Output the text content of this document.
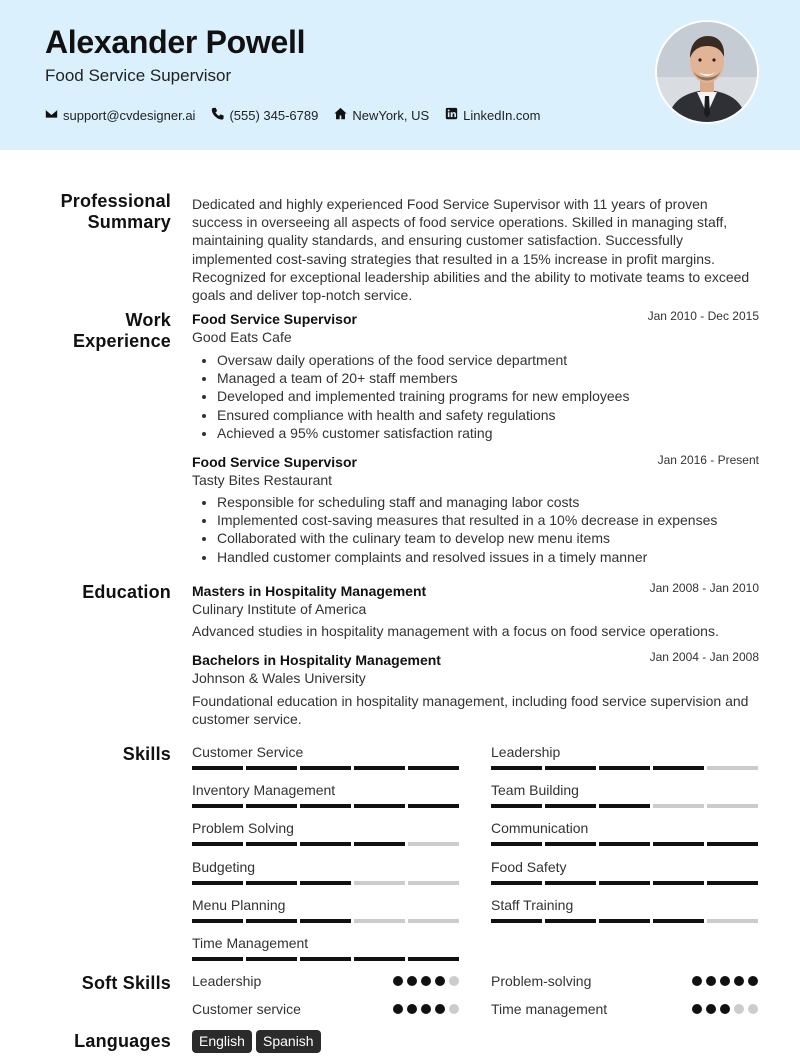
Alexander Powell
Food Service Supervisor
support@cvdesigner.ai	(555) 345-6789	NewYork, US	LinkedIn.com
Professional Summary
Dedicated and highly experienced Food Service Supervisor with 11 years of proven success in overseeing all aspects of food service operations. Skilled in managing staff, maintaining quality standards, and ensuring customer satisfaction. Successfully implemented cost-saving strategies that resulted in a 15% increase in profit margins. Recognized for exceptional leadership abilities and the ability to motivate teams to exceed goals and deliver top-notch service.
Work Experience
Food Service Supervisor	Jan 2010 - Dec 2015
Good Eats Cafe
• Oversaw daily operations of the food service department
• Managed a team of 20+ staff members
• Developed and implemented training programs for new employees
• Ensured compliance with health and safety regulations
• Achieved a 95% customer satisfaction rating
Food Service Supervisor	Jan 2016 - Present
Tasty Bites Restaurant
• Responsible for scheduling staff and managing labor costs
• Implemented cost-saving measures that resulted in a 10% decrease in expenses
• Collaborated with the culinary team to develop new menu items
• Handled customer complaints and resolved issues in a timely manner
Education Masters in Hospitality Management	Jan 2008 - Jan 2010
Culinary Institute of America
Advanced studies in hospitality management with a focus on food service operations.
Bachelors in Hospitality Management	Jan 2004 - Jan 2008
Johnson & Wales University
Foundational education in hospitality management, including food service supervision and customer service.
Skills Customer Service	Leadership
Inventory Management	Team Building
Problem Solving	Communication
Budgeting	Food Safety
Menu Planning	Staff Training
Time Management
Soft Skills Leadership	Problem-solving
Customer service	Time management
Languages	English	Spanish
